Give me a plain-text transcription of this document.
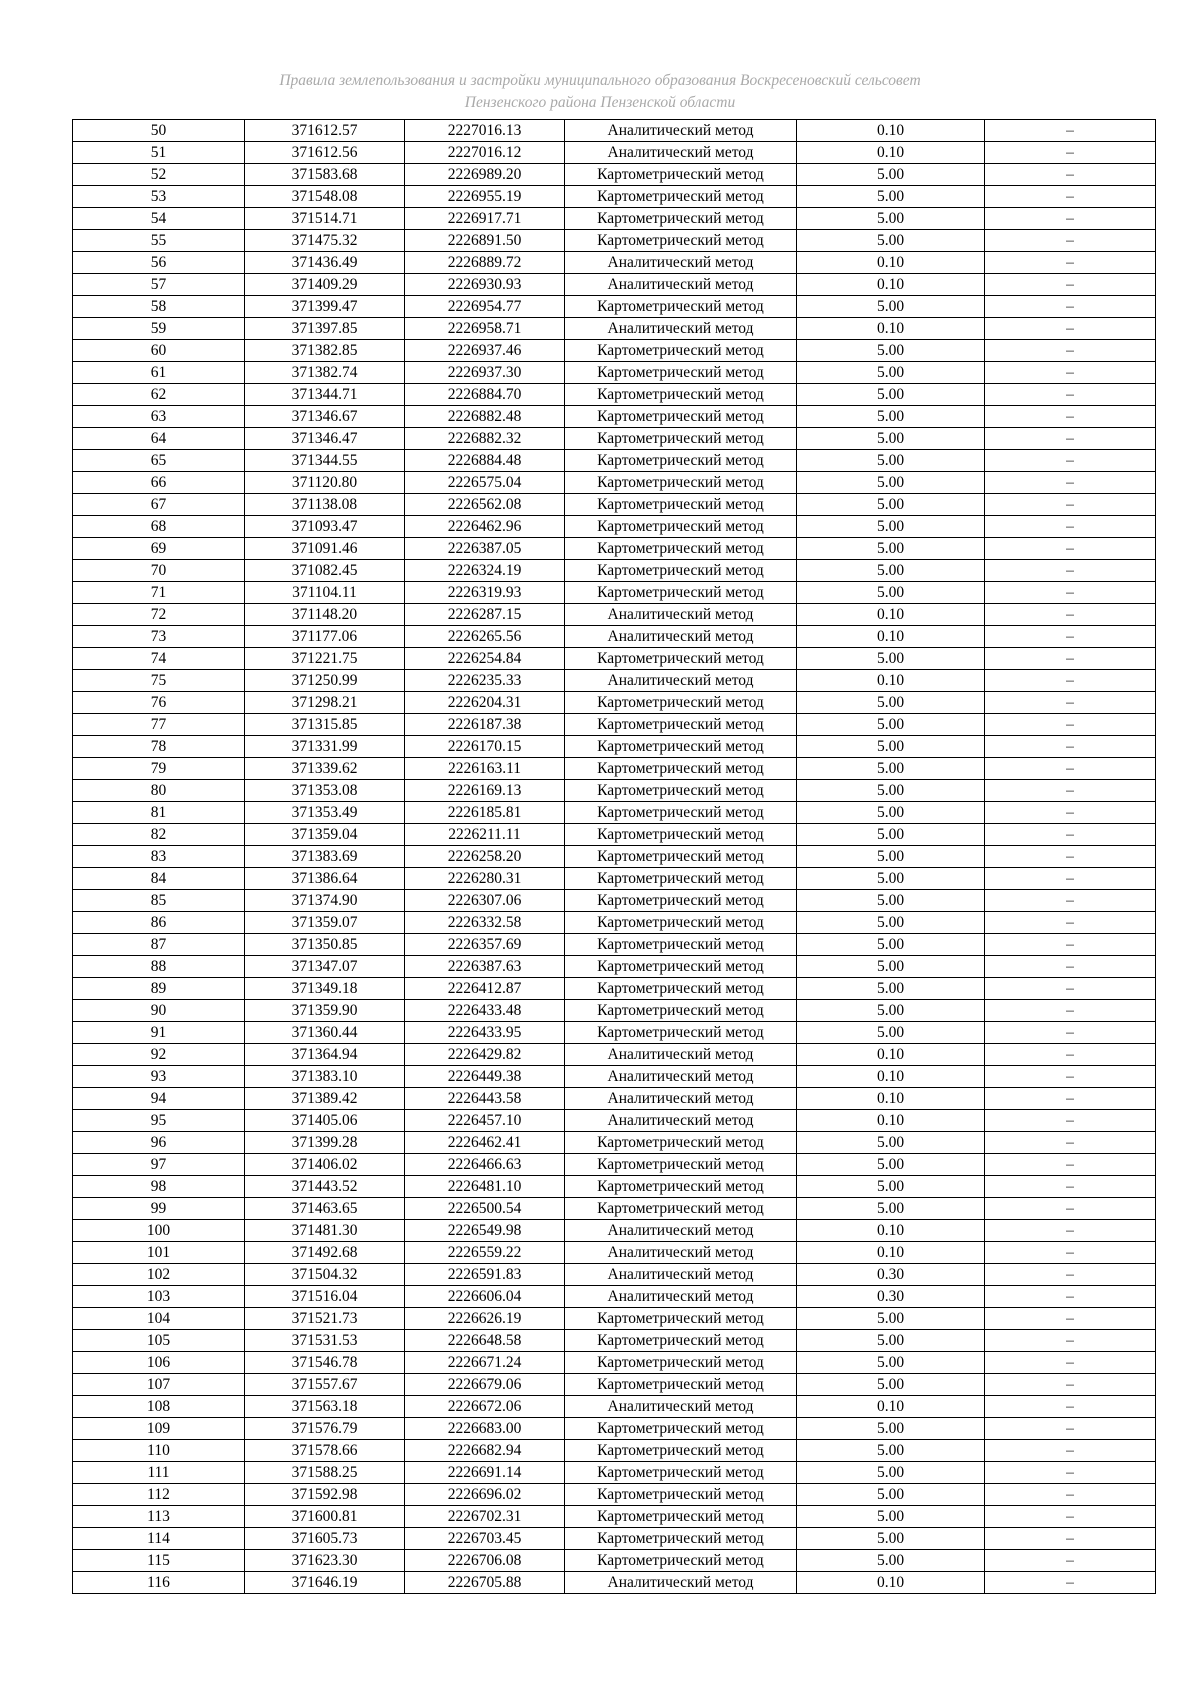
Правила землепользования и застройки муниципального образования Воскресеновский сельсовет
Пензенского района Пензенской области
50	371612.57	2227016.13	Аналитический метод	0.10	–
51	371612.56	2227016.12	Аналитический метод	0.10	–
52	371583.68	2226989.20	Картометрический метод	5.00	–
53	371548.08	2226955.19	Картометрический метод	5.00	–
54	371514.71	2226917.71	Картометрический метод	5.00	–
55	371475.32	2226891.50	Картометрический метод	5.00	–
56	371436.49	2226889.72	Аналитический метод	0.10	–
57	371409.29	2226930.93	Аналитический метод	0.10	–
58	371399.47	2226954.77	Картометрический метод	5.00	–
59	371397.85	2226958.71	Аналитический метод	0.10	–
60	371382.85	2226937.46	Картометрический метод	5.00	–
61	371382.74	2226937.30	Картометрический метод	5.00	–
62	371344.71	2226884.70	Картометрический метод	5.00	–
63	371346.67	2226882.48	Картометрический метод	5.00	–
64	371346.47	2226882.32	Картометрический метод	5.00	–
65	371344.55	2226884.48	Картометрический метод	5.00	–
66	371120.80	2226575.04	Картометрический метод	5.00	–
67	371138.08	2226562.08	Картометрический метод	5.00	–
68	371093.47	2226462.96	Картометрический метод	5.00	–
69	371091.46	2226387.05	Картометрический метод	5.00	–
70	371082.45	2226324.19	Картометрический метод	5.00	–
71	371104.11	2226319.93	Картометрический метод	5.00	–
72	371148.20	2226287.15	Аналитический метод	0.10	–
73	371177.06	2226265.56	Аналитический метод	0.10	–
74	371221.75	2226254.84	Картометрический метод	5.00	–
75	371250.99	2226235.33	Аналитический метод	0.10	–
76	371298.21	2226204.31	Картометрический метод	5.00	–
77	371315.85	2226187.38	Картометрический метод	5.00	–
78	371331.99	2226170.15	Картометрический метод	5.00	–
79	371339.62	2226163.11	Картометрический метод	5.00	–
80	371353.08	2226169.13	Картометрический метод	5.00	–
81	371353.49	2226185.81	Картометрический метод	5.00	–
82	371359.04	2226211.11	Картометрический метод	5.00	–
83	371383.69	2226258.20	Картометрический метод	5.00	–
84	371386.64	2226280.31	Картометрический метод	5.00	–
85	371374.90	2226307.06	Картометрический метод	5.00	–
86	371359.07	2226332.58	Картометрический метод	5.00	–
87	371350.85	2226357.69	Картометрический метод	5.00	–
88	371347.07	2226387.63	Картометрический метод	5.00	–
89	371349.18	2226412.87	Картометрический метод	5.00	–
90	371359.90	2226433.48	Картометрический метод	5.00	–
91	371360.44	2226433.95	Картометрический метод	5.00	–
92	371364.94	2226429.82	Аналитический метод	0.10	–
93	371383.10	2226449.38	Аналитический метод	0.10	–
94	371389.42	2226443.58	Аналитический метод	0.10	–
95	371405.06	2226457.10	Аналитический метод	0.10	–
96	371399.28	2226462.41	Картометрический метод	5.00	–
97	371406.02	2226466.63	Картометрический метод	5.00	–
98	371443.52	2226481.10	Картометрический метод	5.00	–
99	371463.65	2226500.54	Картометрический метод	5.00	–
100	371481.30	2226549.98	Аналитический метод	0.10	–
101	371492.68	2226559.22	Аналитический метод	0.10	–
102	371504.32	2226591.83	Аналитический метод	0.30	–
103	371516.04	2226606.04	Аналитический метод	0.30	–
104	371521.73	2226626.19	Картометрический метод	5.00	–
105	371531.53	2226648.58	Картометрический метод	5.00	–
106	371546.78	2226671.24	Картометрический метод	5.00	–
107	371557.67	2226679.06	Картометрический метод	5.00	–
108	371563.18	2226672.06	Аналитический метод	0.10	–
109	371576.79	2226683.00	Картометрический метод	5.00	–
110	371578.66	2226682.94	Картометрический метод	5.00	–
111	371588.25	2226691.14	Картометрический метод	5.00	–
112	371592.98	2226696.02	Картометрический метод	5.00	–
113	371600.81	2226702.31	Картометрический метод	5.00	–
114	371605.73	2226703.45	Картометрический метод	5.00	–
115	371623.30	2226706.08	Картометрический метод	5.00	–
116	371646.19	2226705.88	Аналитический метод	0.10	–
